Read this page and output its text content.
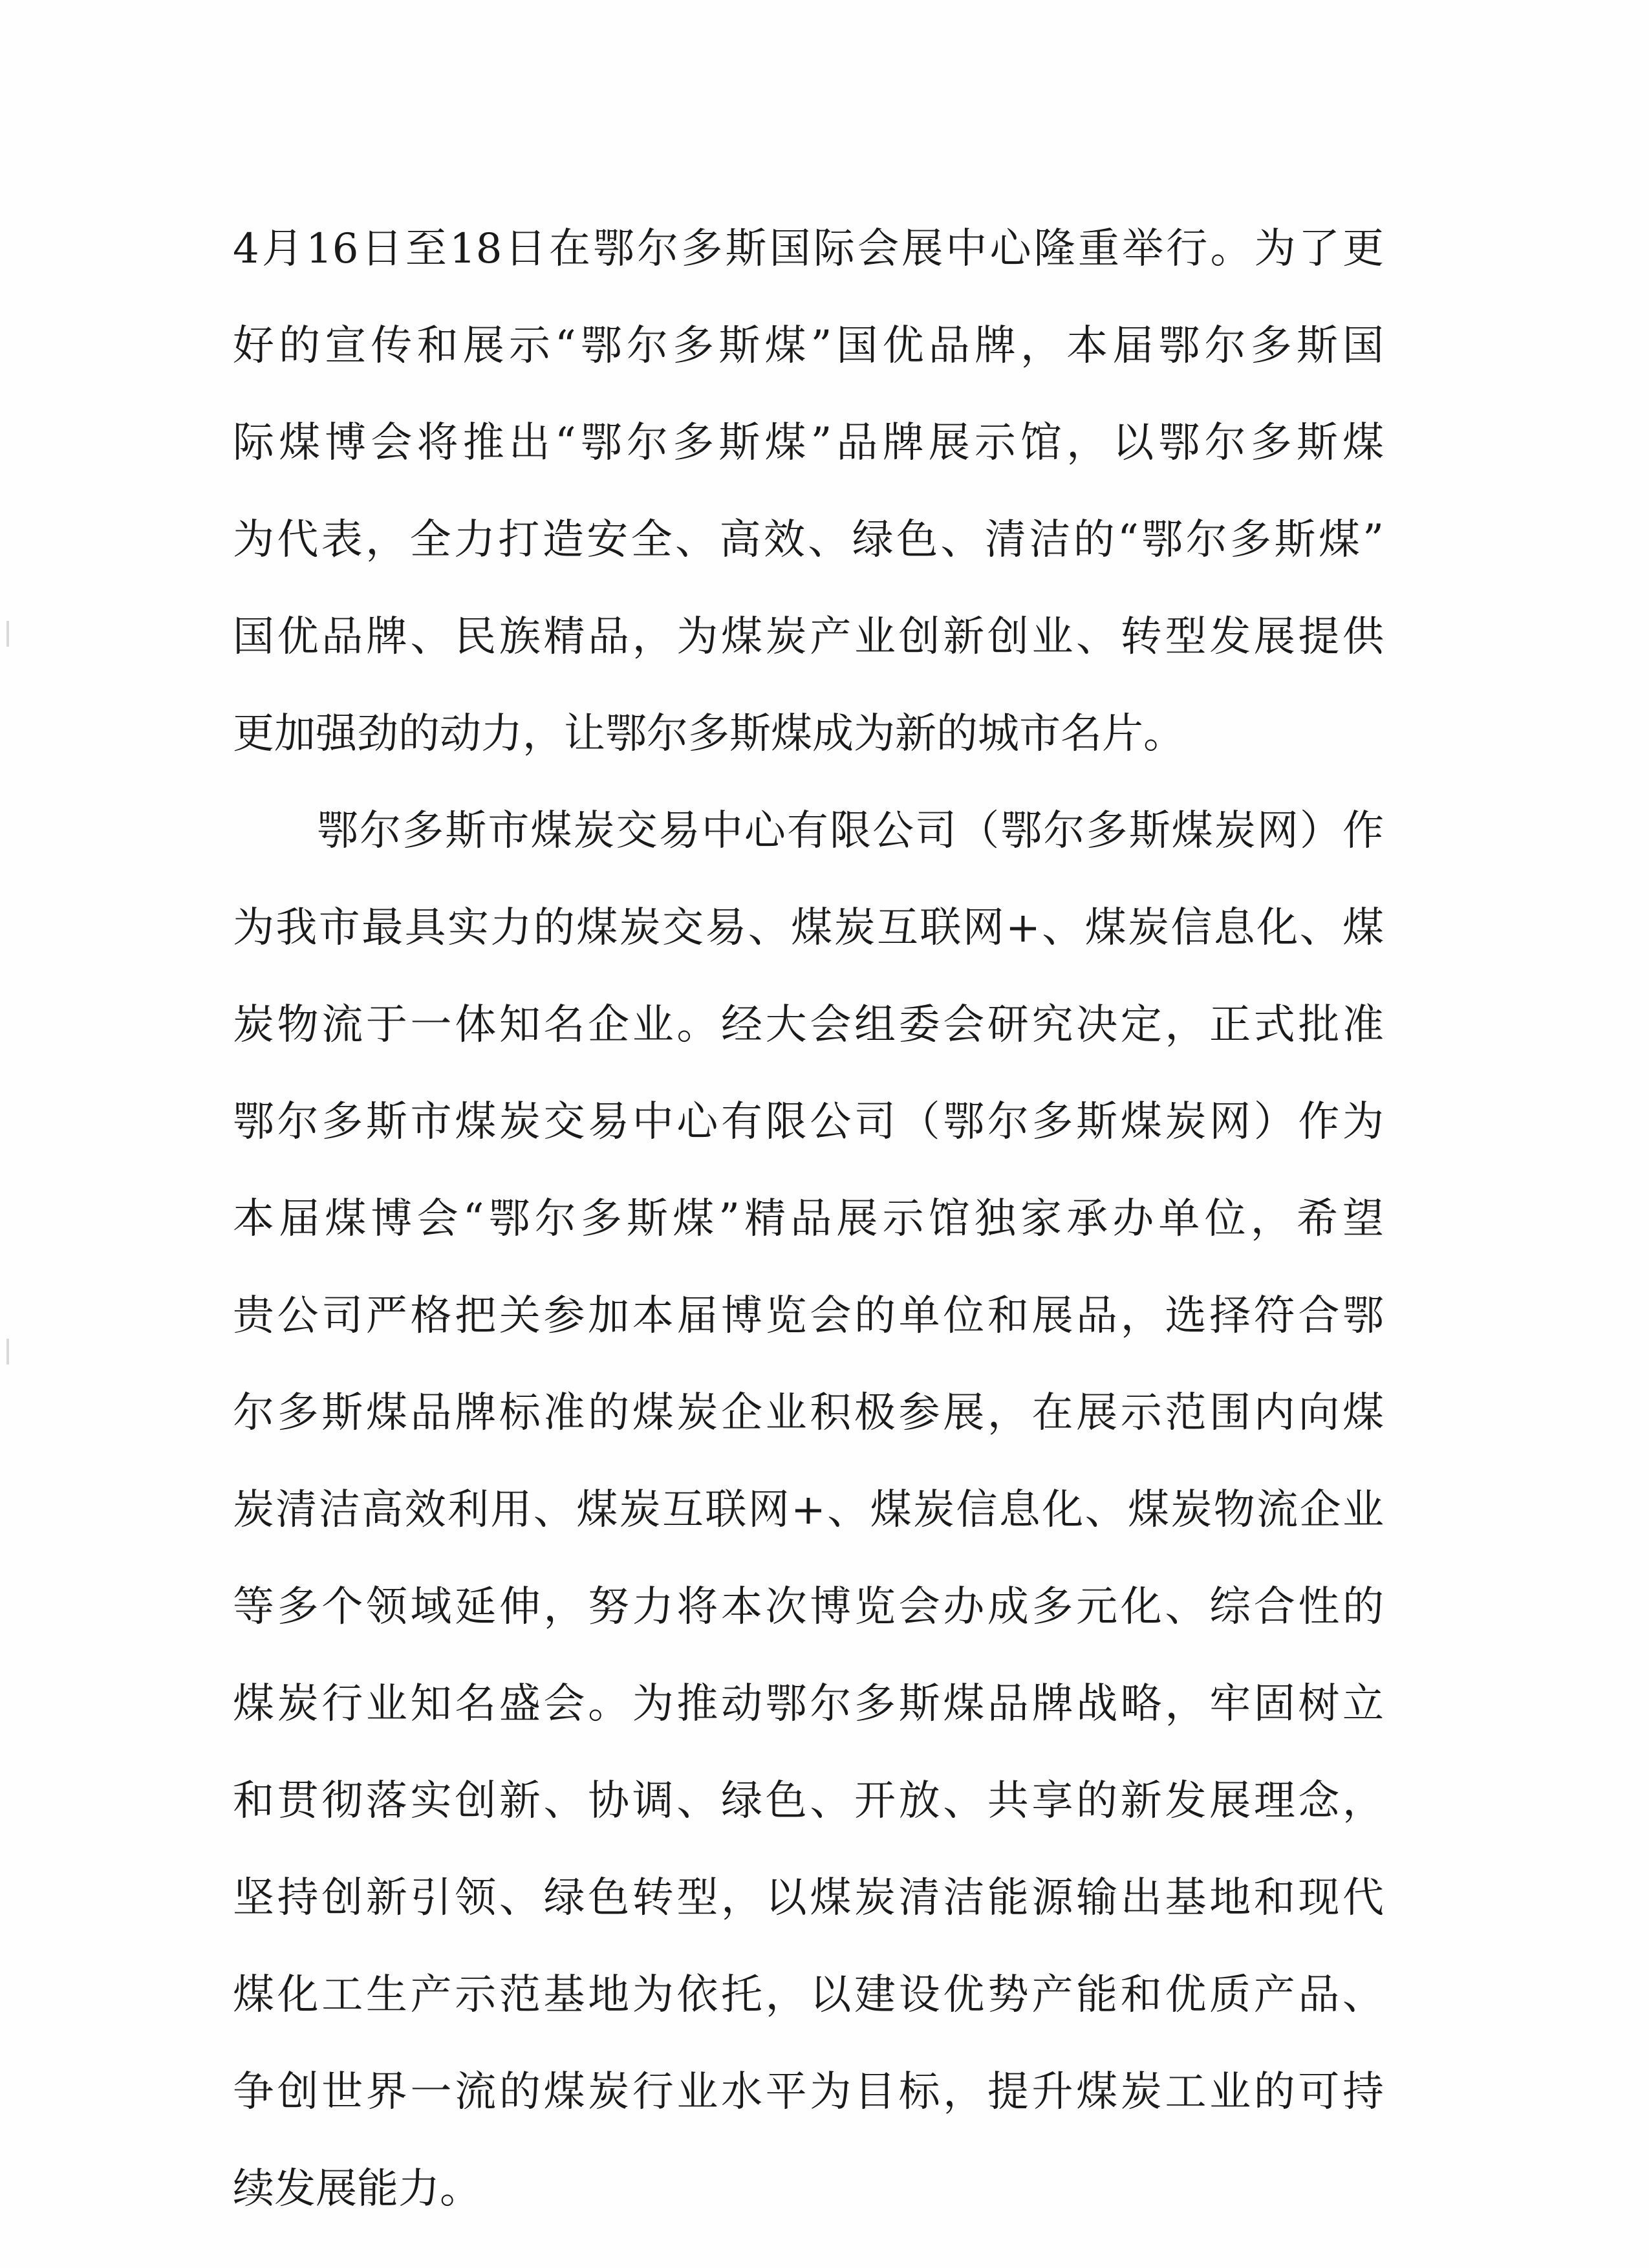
4月16日至18日在鄂尔多斯国际会展中心隆重举行。为了更
好的宣传和展示“鄂尔多斯煤”国优品牌，本届鄂尔多斯国
际煤博会将推出“鄂尔多斯煤”品牌展示馆，以鄂尔多斯煤
为代表，全力打造安全、高效、绿色、清洁的“鄂尔多斯煤”
国优品牌、民族精品，为煤炭产业创新创业、转型发展提供
更加强劲的动力，让鄂尔多斯煤成为新的城市名片。
鄂尔多斯市煤炭交易中心有限公司（鄂尔多斯煤炭网）作
为我市最具实力的煤炭交易、煤炭互联网+、煤炭信息化、煤
炭物流于一体知名企业。经大会组委会研究决定，正式批准
鄂尔多斯市煤炭交易中心有限公司（鄂尔多斯煤炭网）作为
本届煤博会“鄂尔多斯煤”精品展示馆独家承办单位，希望
贵公司严格把关参加本届博览会的单位和展品，选择符合鄂
尔多斯煤品牌标准的煤炭企业积极参展，在展示范围内向煤
炭清洁高效利用、煤炭互联网+、煤炭信息化、煤炭物流企业
等多个领域延伸，努力将本次博览会办成多元化、综合性的
煤炭行业知名盛会。为推动鄂尔多斯煤品牌战略，牢固树立
和贯彻落实创新、协调、绿色、开放、共享的新发展理念，
坚持创新引领、绿色转型，以煤炭清洁能源输出基地和现代
煤化工生产示范基地为依托，以建设优势产能和优质产品、
争创世界一流的煤炭行业水平为目标，提升煤炭工业的可持
续发展能力。
